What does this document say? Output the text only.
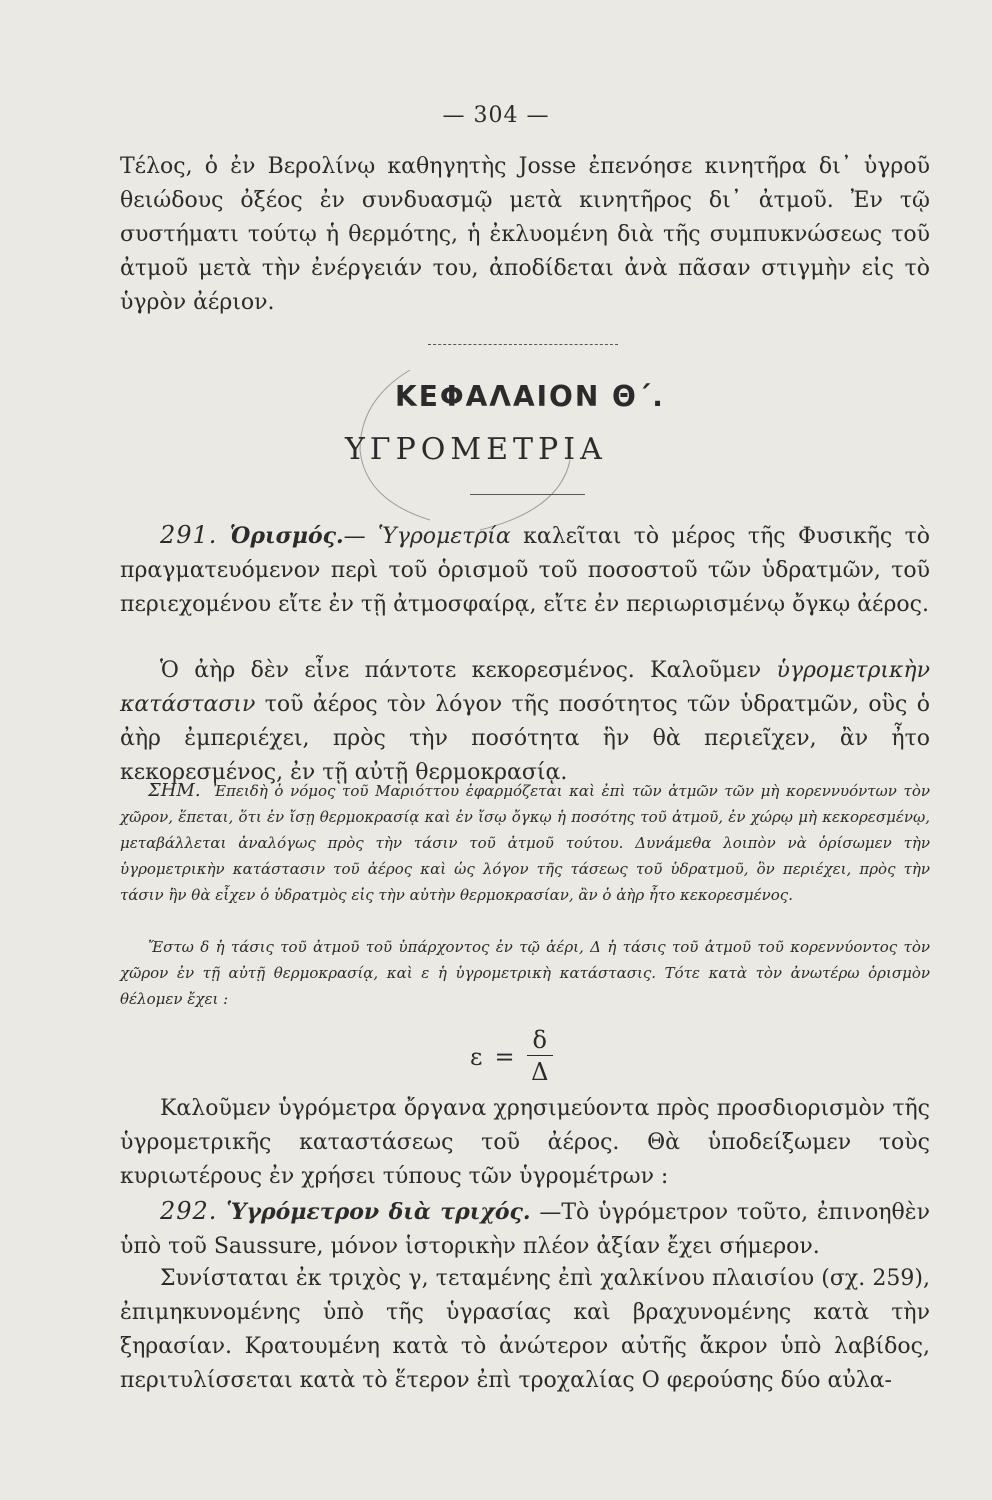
— 304 —

Τέλος, ὁ ἐν Βερολίνῳ καθηγητὴς Josse ἐπενόησε κινητῆρα δι᾽ ὑγροῦ θειώδους ὀξέος ἐν συνδυασμῷ μετὰ κινητῆρος δι᾽ ἀτμοῦ. Ἐν τῷ συστήματι τούτῳ ἡ θερμότης, ἡ ἐκλυομένη διὰ τῆς συμπυκνώσεως τοῦ ἀτμοῦ μετὰ τὴν ἐνέργειάν του, ἀποδίδεται ἀνὰ πᾶσαν στιγμὴν εἰς τὸ ὑγρὸν ἀέριον.

ΚΕΦΑΛΑΙΟΝ Θ΄.
ΥΓΡΟΜΕΤΡΙΑ

291. Ὁρισμός.— Ὑγρομετρία καλεῖται τὸ μέρος τῆς Φυσικῆς τὸ πραγματευόμενον περὶ τοῦ ὁρισμοῦ τοῦ ποσοστοῦ τῶν ὑδρατμῶν, τοῦ περιεχομένου εἴτε ἐν τῇ ἀτμοσφαίρᾳ, εἴτε ἐν περιωρισμένῳ ὄγκῳ ἀέρος.

Ὁ ἀὴρ δὲν εἶνε πάντοτε κεκορεσμένος. Καλοῦμεν ὑγρομετρικὴν κατάστασιν τοῦ ἀέρος τὸν λόγον τῆς ποσότητος τῶν ὑδρατμῶν, οὓς ὁ ἀὴρ ἐμπεριέχει, πρὸς τὴν ποσότητα ἣν θὰ περιεῖχεν, ἂν ἦτο κεκορεσμένος, ἐν τῇ αὐτῇ θερμοκρασίᾳ.

ΣΗΜ. Ἐπειδὴ ὁ νόμος τοῦ Μαριόττου ἐφαρμόζεται καὶ ἐπὶ τῶν ἀτμῶν τῶν μὴ κορεννυόντων τὸν χῶρον, ἕπεται, ὅτι ἐν ἴσῃ θερμοκρασίᾳ καὶ ἐν ἴσῳ ὄγκῳ ἡ ποσότης τοῦ ἀτμοῦ, ἐν χώρῳ μὴ κεκορεσμένῳ, μεταβάλλεται ἀναλόγως πρὸς τὴν τάσιν τοῦ ἀτμοῦ τούτου. Δυνάμεθα λοιπὸν νὰ ὁρίσωμεν τὴν ὑγρομετρικὴν κατάστασιν τοῦ ἀέρος καὶ ὡς λόγον τῆς τάσεως τοῦ ὑδρατμοῦ, ὃν περιέχει, πρὸς τὴν τάσιν ἣν θὰ εἶχεν ὁ ὑδρατμὸς εἰς τὴν αὐτὴν θερμοκρασίαν, ἂν ὁ ἀὴρ ἦτο κεκορεσμένος.

Ἔστω δ ἡ τάσις τοῦ ἀτμοῦ τοῦ ὑπάρχοντος ἐν τῷ ἀέρι, Δ ἡ τάσις τοῦ ἀτμοῦ τοῦ κορεννύοντος τὸν χῶρον ἐν τῇ αὐτῇ θερμοκρασίᾳ, καὶ ε ἡ ὑγρομετρικὴ κατάστασις. Τότε κατὰ τὸν ἀνωτέρω ὁρισμὸν θέλομεν ἔχει :

$\varepsilon = \frac{\delta}{\Delta}$

Καλοῦμεν ὑγρόμετρα ὄργανα χρησιμεύοντα πρὸς προσδιορισμὸν τῆς ὑγρομετρικῆς καταστάσεως τοῦ ἀέρος. Θὰ ὑποδείξωμεν τοὺς κυριωτέρους ἐν χρήσει τύπους τῶν ὑγρομέτρων :

292. Ὑγρόμετρον διὰ τριχός. —Τὸ ὑγρόμετρον τοῦτο, ἐπινοηθὲν ὑπὸ τοῦ Saussure, μόνον ἱστορικὴν πλέον ἀξίαν ἔχει σήμερον.

Συνίσταται ἐκ τριχὸς γ, τεταμένης ἐπὶ χαλκίνου πλαισίου (σχ. 259), ἐπιμηκυνομένης ὑπὸ τῆς ὑγρασίας καὶ βραχυνομένης κατὰ τὴν ξηρασίαν. Κρατουμένη κατὰ τὸ ἀνώτερον αὐτῆς ἄκρον ὑπὸ λαβίδος, περιτυλίσσεται κατὰ τὸ ἕτερον ἐπὶ τροχαλίας Ο φερούσης δύο αὐλα-
